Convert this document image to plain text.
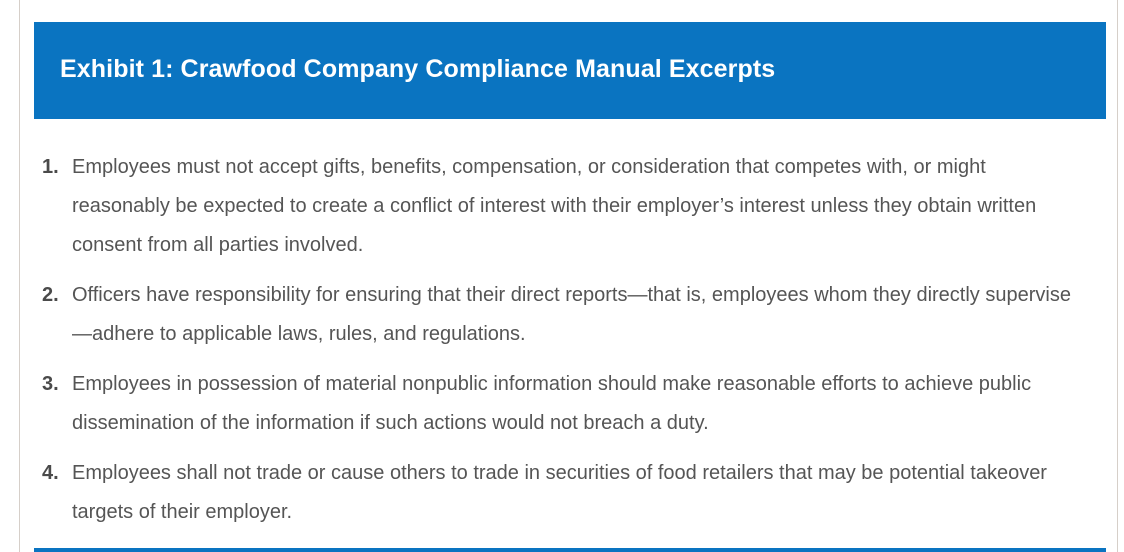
Exhibit 1: Crawfood Company Compliance Manual Excerpts
1. Employees must not accept gifts, benefits, compensation, or consideration that competes with, or might reasonably be expected to create a conflict of interest with their employer’s interest unless they obtain written consent from all parties involved.
2. Officers have responsibility for ensuring that their direct reports—that is, employees whom they directly supervise—adhere to applicable laws, rules, and regulations.
3. Employees in possession of material nonpublic information should make reasonable efforts to achieve public dissemination of the information if such actions would not breach a duty.
4. Employees shall not trade or cause others to trade in securities of food retailers that may be potential takeover targets of their employer.
